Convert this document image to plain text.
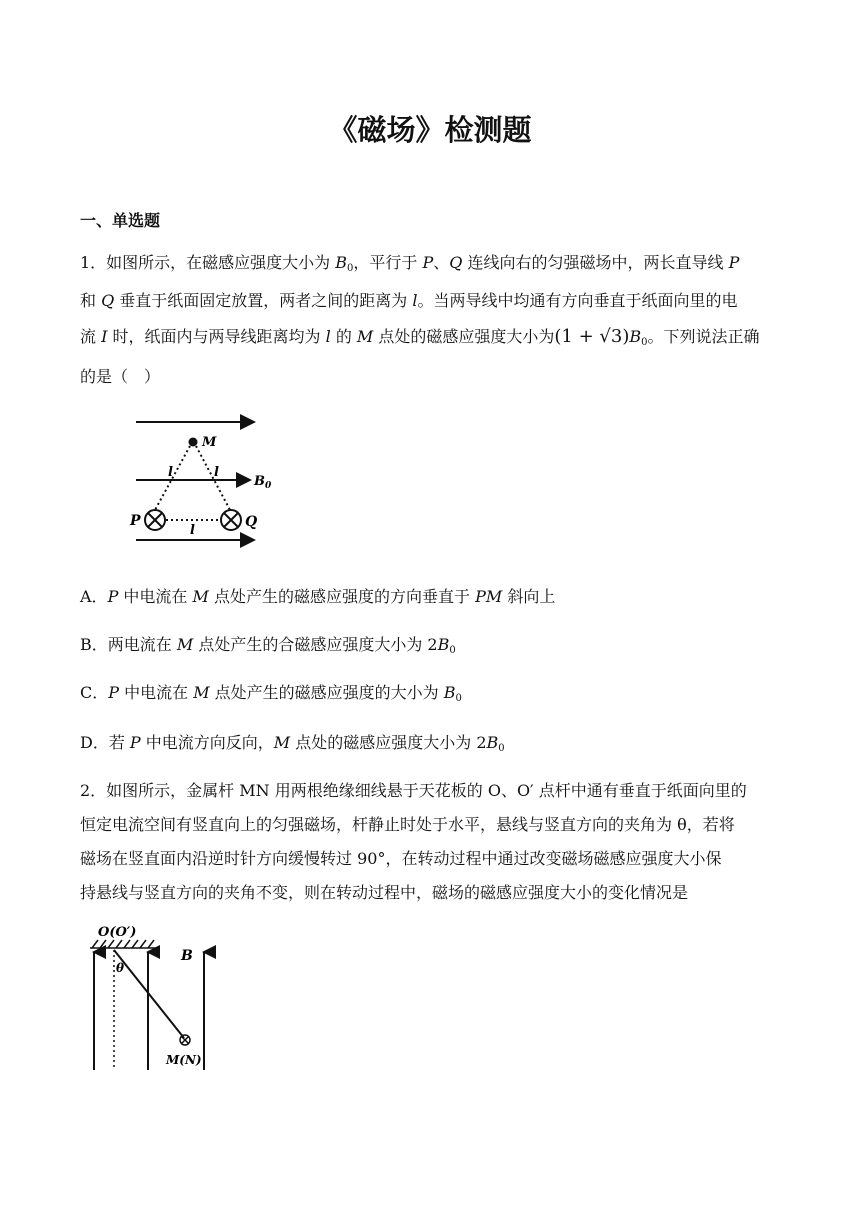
《磁场》检测题
一、单选题
1．如图所示，在磁感应强度大小为 $B_0$，平行于 P、Q 连线向右的匀强磁场中，两长直导线 P
和 Q 垂直于纸面固定放置，两者之间的距离为 l。当两导线中均通有方向垂直于纸面向里的电
流 I 时，纸面内与两导线距离均为 l 的 M 点处的磁感应强度大小为$(1 + √3)B_0$。下列说法正确
的是（　）
M
l	l
l
$B_0$
P	Q
A．P 中电流在 M 点处产生的磁感应强度的方向垂直于 PM 斜向上
B．两电流在 M 点处产生的合磁感应强度大小为 $2B_0$
C．P 中电流在 M 点处产生的磁感应强度的大小为 $B_0$
D．若 P 中电流方向反向，M 点处的磁感应强度大小为 $2B_0$
2．如图所示，金属杆 MN 用两根绝缘细线悬于天花板的 O、O′ 点杆中通有垂直于纸面向里的
恒定电流空间有竖直向上的匀强磁场，杆静止时处于水平，悬线与竖直方向的夹角为 θ，若将
磁场在竖直面内沿逆时针方向缓慢转过 90°，在转动过程中通过改变磁场磁感应强度大小保
持悬线与竖直方向的夹角不变，则在转动过程中，磁场的磁感应强度大小的变化情况是
O(O′)
θ
B
M(N)
